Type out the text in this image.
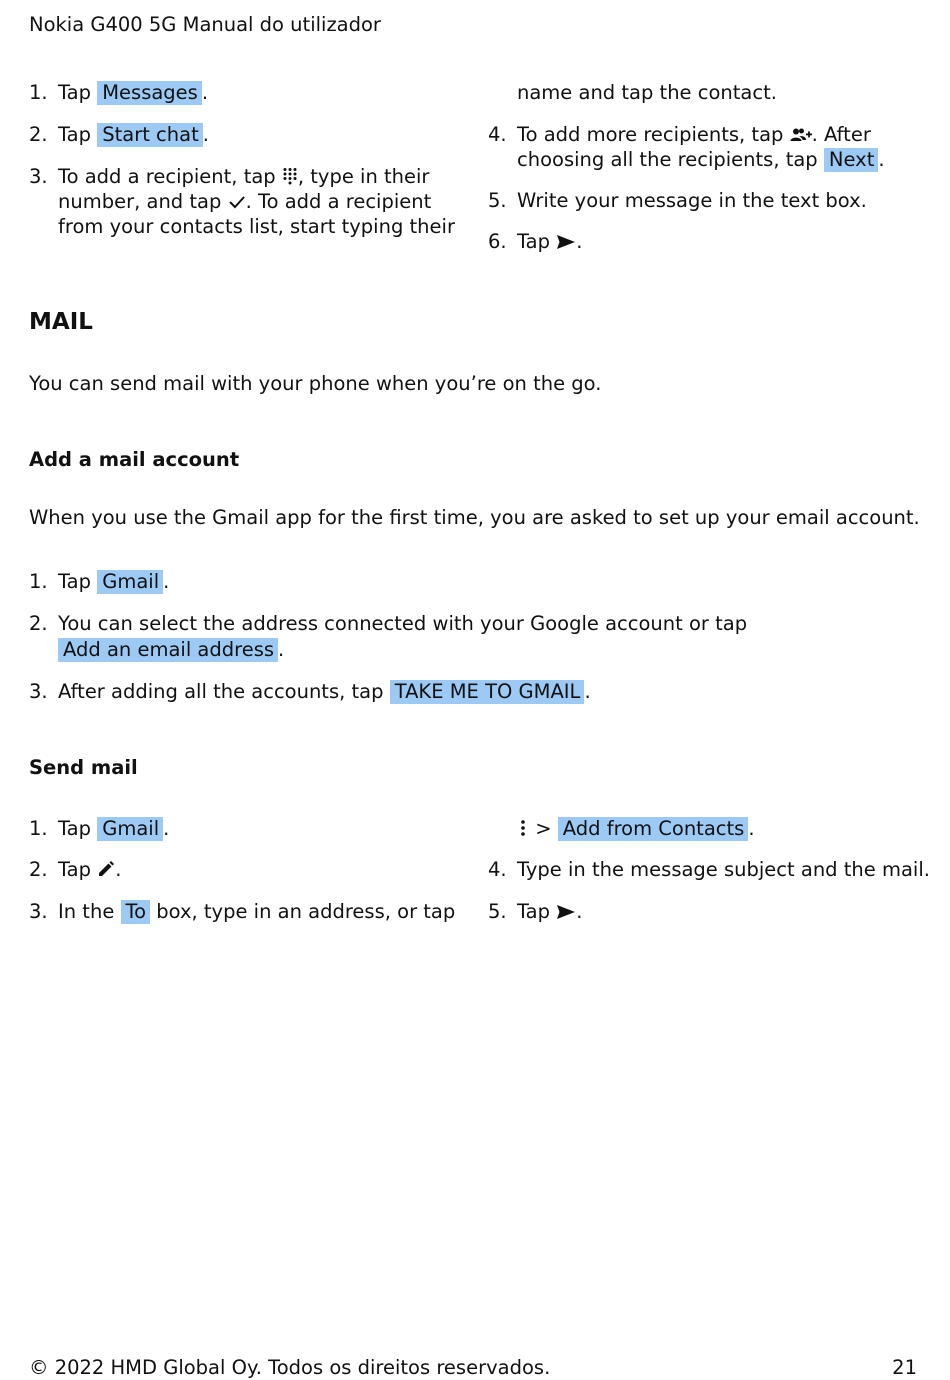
Nokia G400 5G Manual do utilizador
1. Tap Messages .
2. Tap Start chat .
3. To add a recipient, tap , type in their
number, and tap . To add a recipient
from your contacts list, start typing their
name and tap the contact.
4. To add more recipients, tap . After
choosing all the recipients, tap Next .
5. Write your message in the text box.
6. Tap .
MAIL
You can send mail with your phone when you’re on the go.
Add a mail account
When you use the Gmail app for the first time, you are asked to set up your email account.
1. Tap Gmail .
2. You can select the address connected with your Google account or tap
Add an email address .
3. After adding all the accounts, tap TAKE ME TO GMAIL .
Send mail
1. Tap Gmail .
2. Tap .
3. In the To box, type in an address, or tap
> Add from Contacts .
4. Type in the message subject and the mail.
5. Tap .
© 2022 HMD Global Oy. Todos os direitos reservados.	21
